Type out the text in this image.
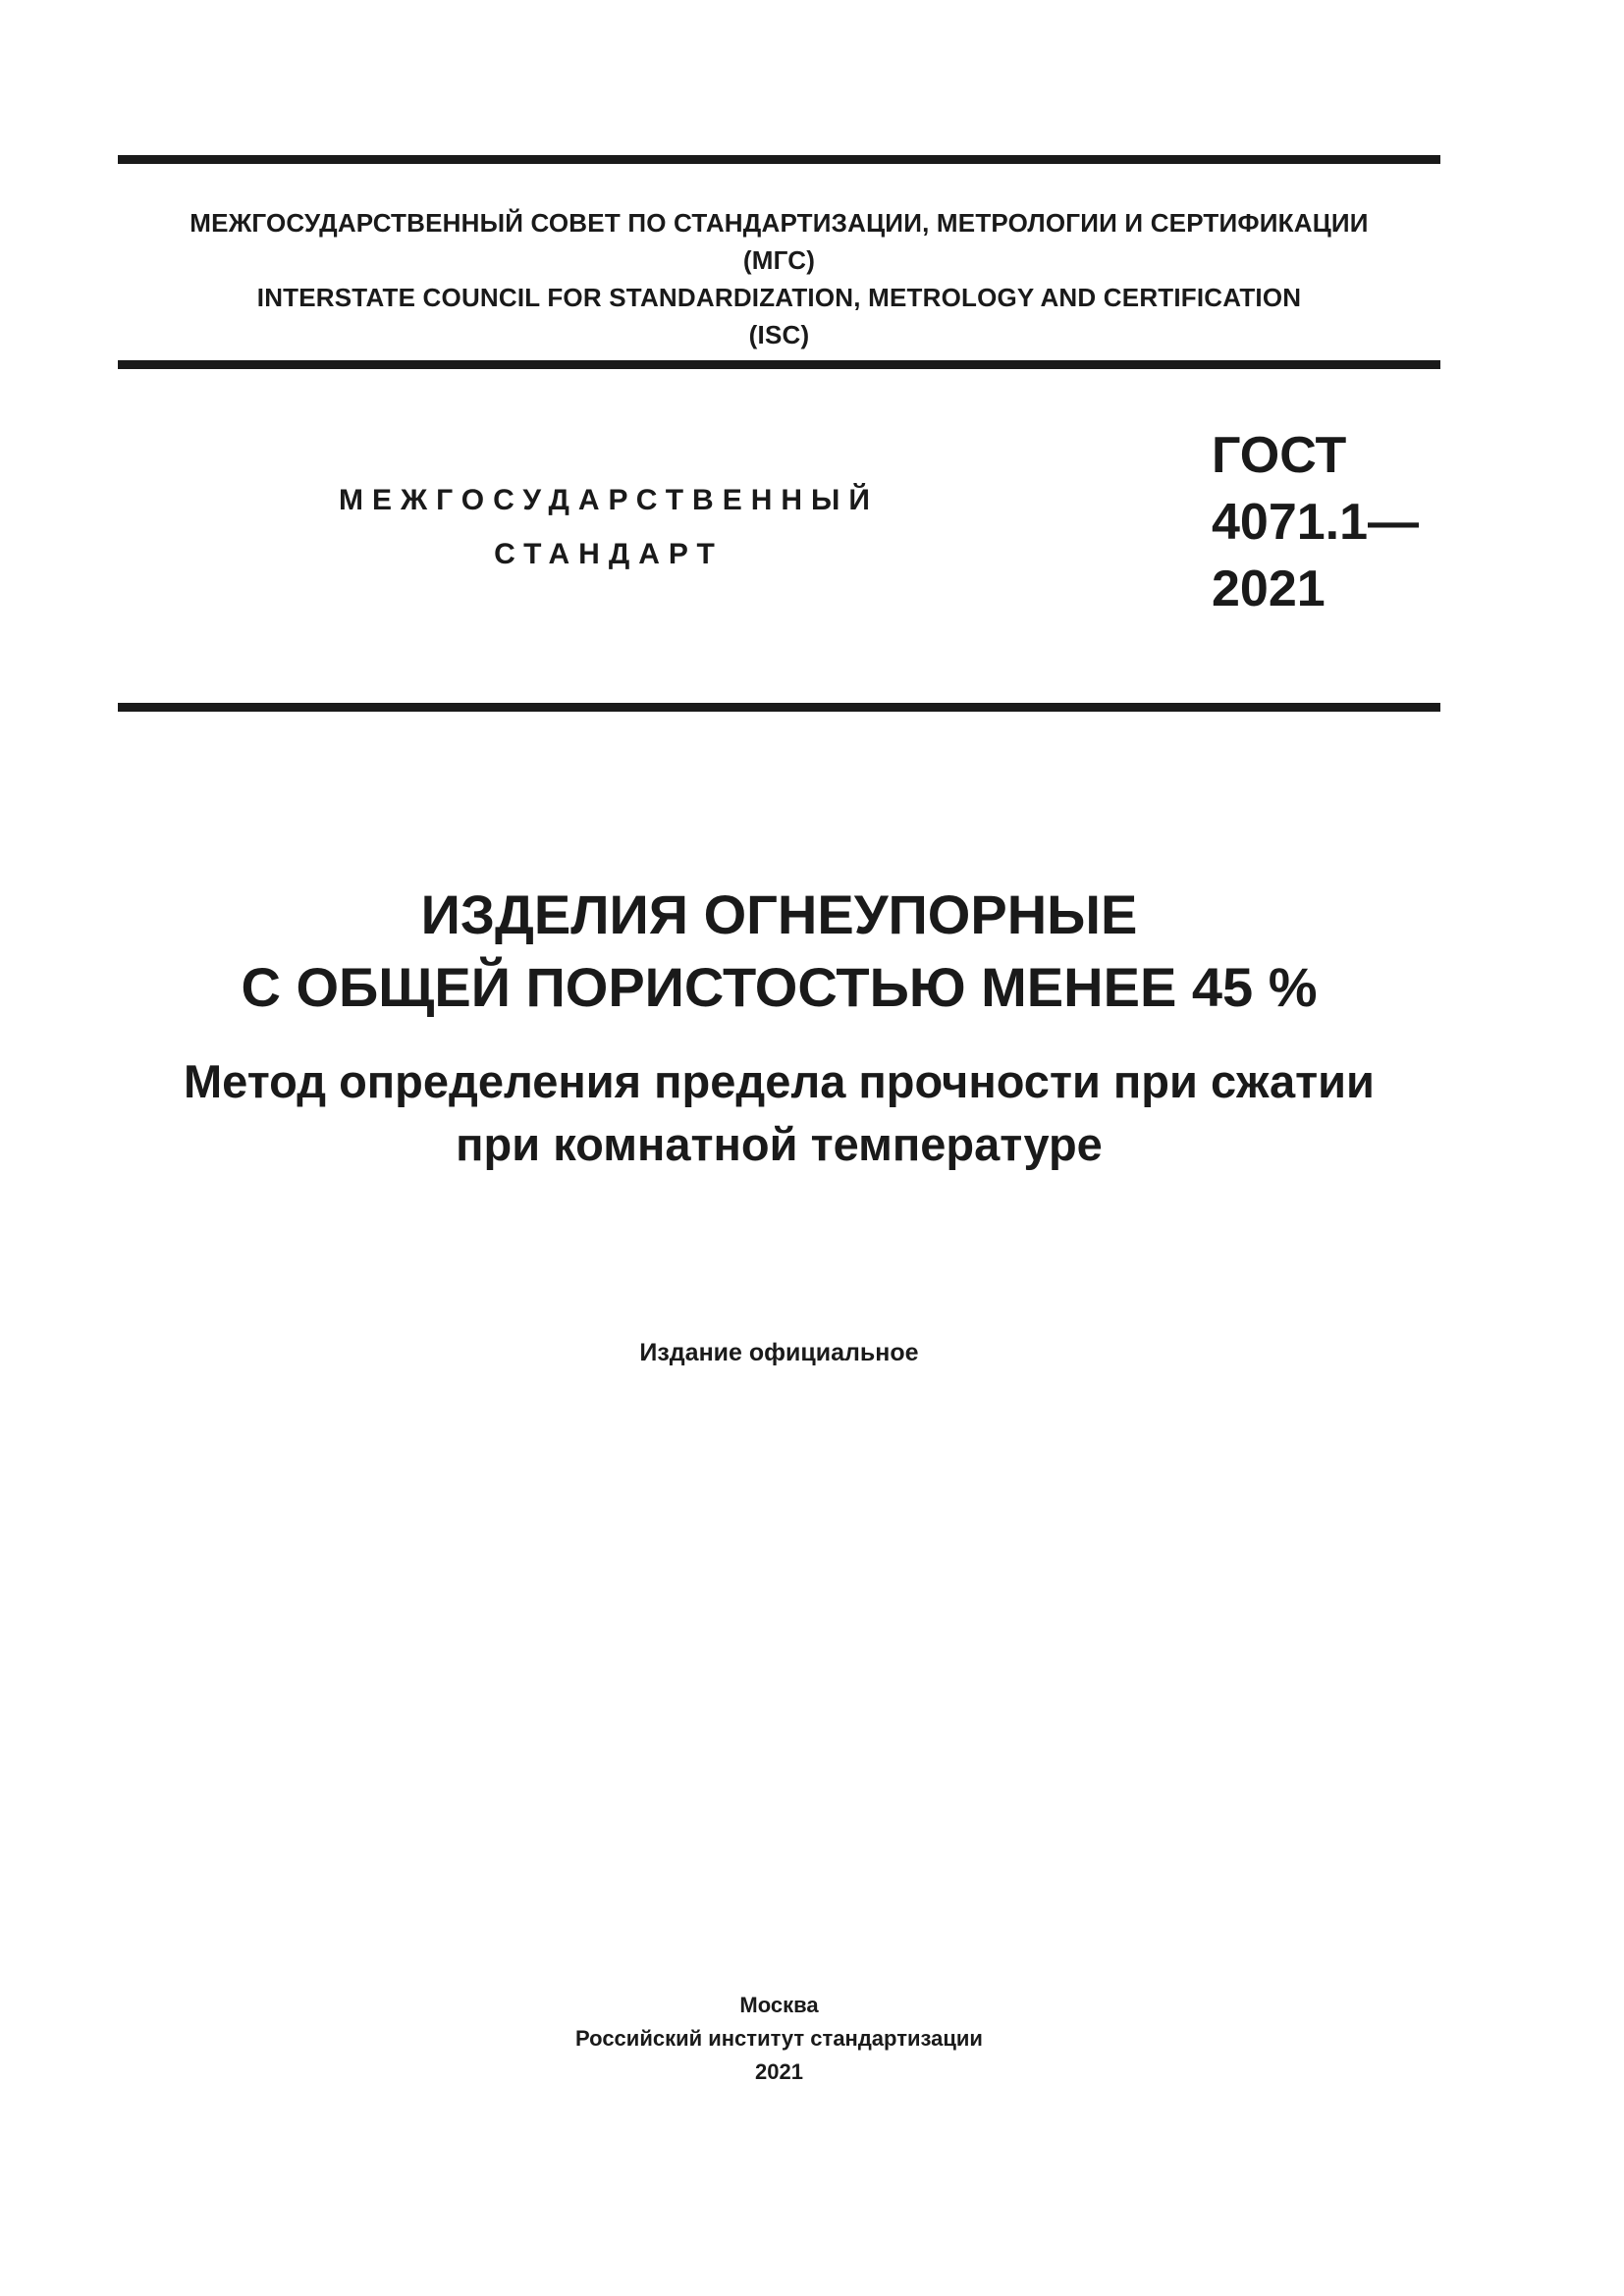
МЕЖГОСУДАРСТВЕННЫЙ СОВЕТ ПО СТАНДАРТИЗАЦИИ, МЕТРОЛОГИИ И СЕРТИФИКАЦИИ
(МГС)
INTERSTATE COUNCIL FOR STANDARDIZATION, METROLOGY AND CERTIFICATION
(ISC)
МЕЖГОСУДАРСТВЕННЫЙ
СТАНДАРТ
ГОСТ
4071.1—
2021
ИЗДЕЛИЯ ОГНЕУПОРНЫЕ
С ОБЩЕЙ ПОРИСТОСТЬЮ МЕНЕЕ 45 %
Метод определения предела прочности при сжатии
при комнатной температуре
Издание официальное
Москва
Российский институт стандартизации
2021
